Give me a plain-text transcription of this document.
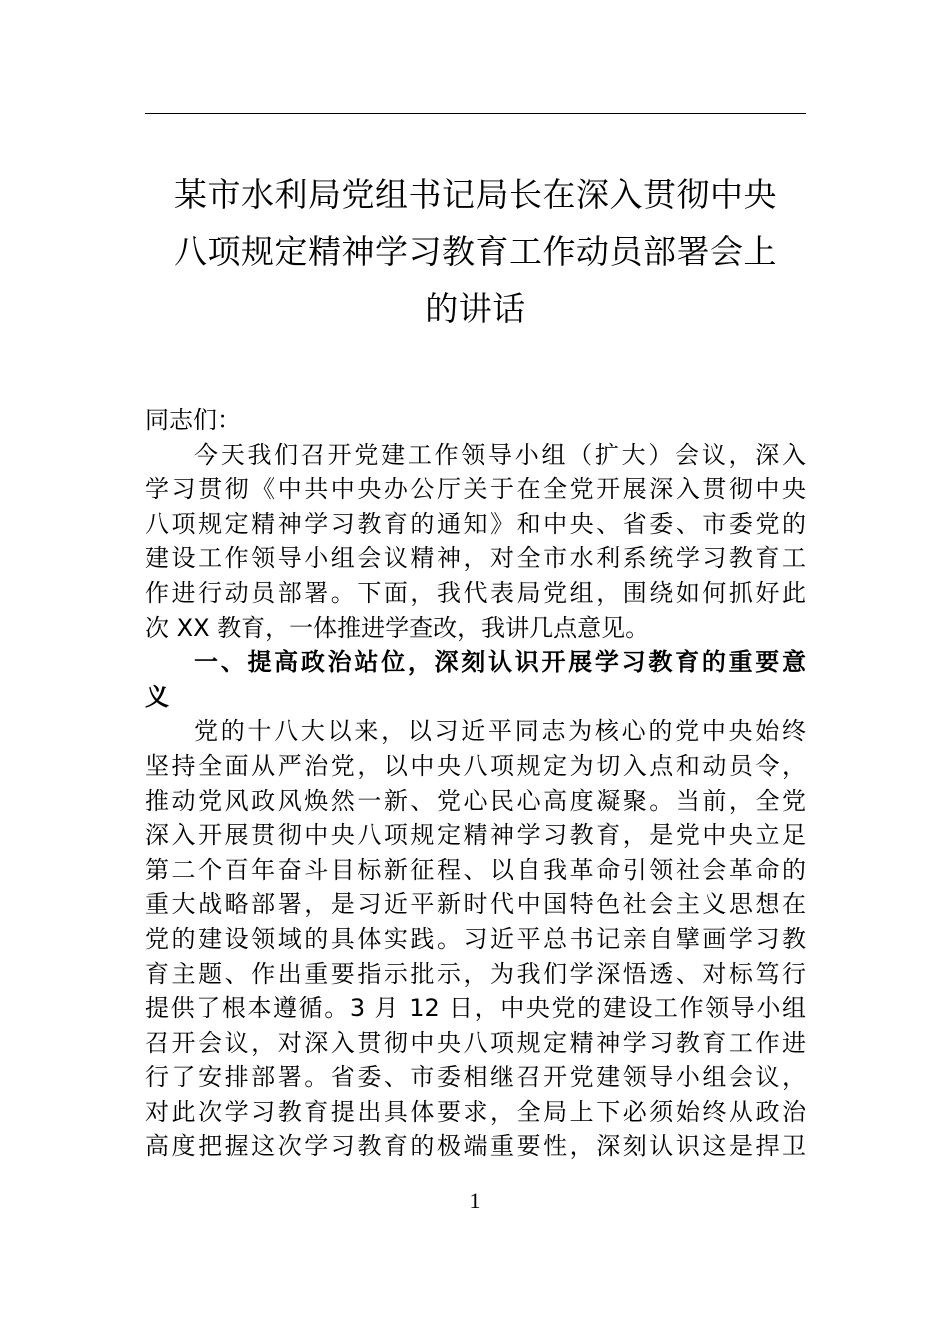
某市水利局党组书记局长在深入贯彻中央
八项规定精神学习教育工作动员部署会上
的讲话
同志们：
今天我们召开党建工作领导小组（扩大）会议，深入
学习贯彻《中共中央办公厅关于在全党开展深入贯彻中央
八项规定精神学习教育的通知》和中央、省委、市委党的
建设工作领导小组会议精神，对全市水利系统学习教育工
作进行动员部署。下面，我代表局党组，围绕如何抓好此
次 XX 教育，一体推进学查改，我讲几点意见。
一、提高政治站位，深刻认识开展学习教育的重要意
义
党的十八大以来，以习近平同志为核心的党中央始终
坚持全面从严治党，以中央八项规定为切入点和动员令，
推动党风政风焕然一新、党心民心高度凝聚。当前，全党
深入开展贯彻中央八项规定精神学习教育，是党中央立足
第二个百年奋斗目标新征程、以自我革命引领社会革命的
重大战略部署，是习近平新时代中国特色社会主义思想在
党的建设领域的具体实践。习近平总书记亲自擘画学习教
育主题、作出重要指示批示，为我们学深悟透、对标笃行
提供了根本遵循。3 月 12 日，中央党的建设工作领导小组
召开会议，对深入贯彻中央八项规定精神学习教育工作进
行了安排部署。省委、市委相继召开党建领导小组会议，
对此次学习教育提出具体要求，全局上下必须始终从政治
高度把握这次学习教育的极端重要性，深刻认识这是捍卫
1
